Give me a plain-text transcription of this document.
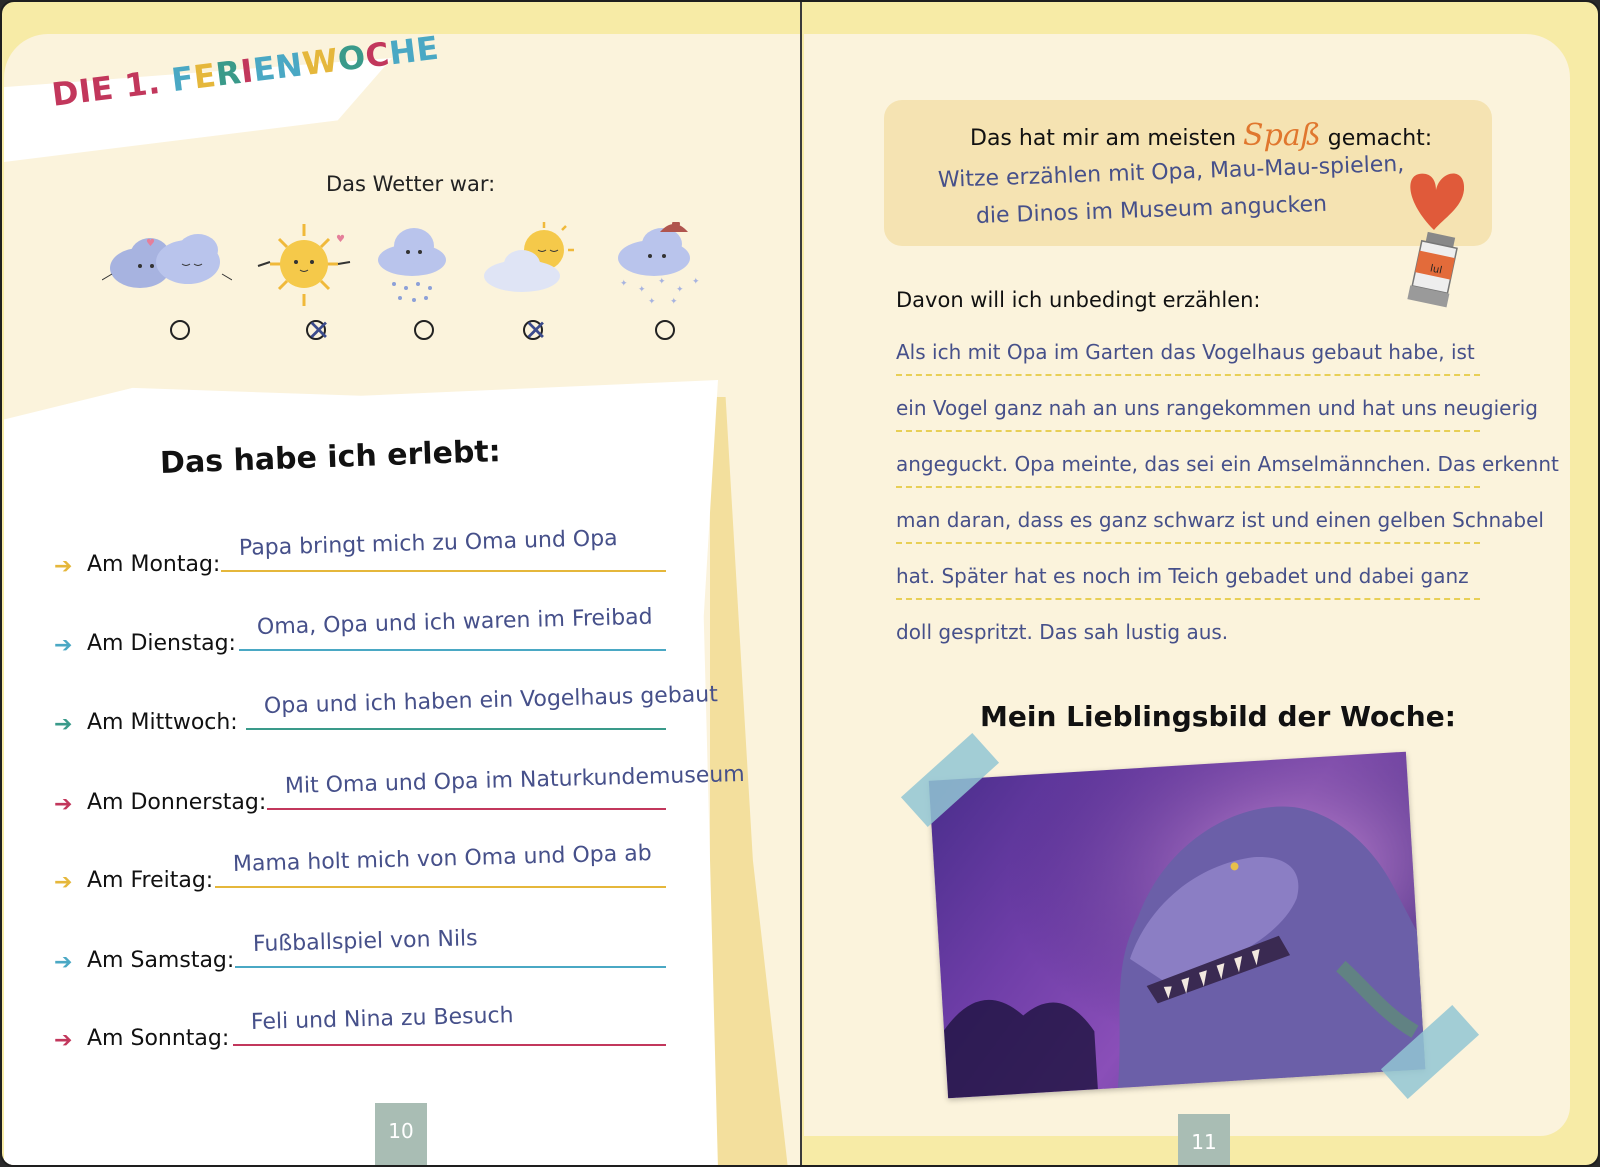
DIE 1. FERIENWOCHE
Das Wetter war:
♥	♥
✦
✦
✦
✦
✦
✦ ✦
✕	✕
Das habe ich erlebt:
➔ Am Montag:
Papa bringt mich zu Oma und Opa
➔ Am Dienstag:
Oma, Opa und ich waren im Freibad
➔ Am Mittwoch:
Opa und ich haben ein Vogelhaus gebaut
➔ Am Donnerstag:
Mit Oma und Opa im Naturkundemuseum
➔ Am Freitag:
Mama holt mich von Oma und Opa ab
➔ Am Samstag:
Fußballspiel von Nils
➔ Am Sonntag:
Feli und Nina zu Besuch
10
Das hat mir am meisten Spaß gemacht:
Witze erzählen mit Opa, Mau-Mau-spielen,
die Dinos im Museum angucken
lul
Davon will ich unbedingt erzählen:
Als ich mit Opa im Garten das Vogelhaus gebaut habe, ist
ein Vogel ganz nah an uns rangekommen und hat uns neugierig
angeguckt. Opa meinte, das sei ein Amselmännchen. Das erkennt
man daran, dass es ganz schwarz ist und einen gelben Schnabel
hat. Später hat es noch im Teich gebadet und dabei ganz
doll gespritzt. Das sah lustig aus.
Mein Lieblingsbild der Woche:
11
